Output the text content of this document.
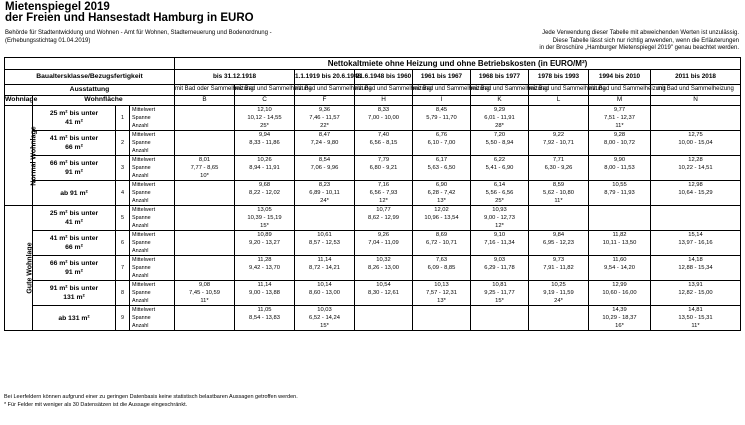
Mietenspiegel 2019
der Freien und Hansestadt Hamburg in EURO
Behörde für Stadtentwicklung und Wohnen - Amt für Wohnen, Stadterneuerung und Bodenordnung -
(Erhebungsstichtag 01.04.2019)
Jede Verwendung dieser Tabelle mit abweichenden Werten ist unzulässig.
Diese Tabelle lässt sich nur richtig anwenden, wenn die Erläuterungen
in der Broschüre „Hamburger Mietenspiegel 2019" genau beachtet werden.
				Nettokaltmiete ohne Heizung und ohne Betriebskosten (in EURO/M²)								
Baualtersklasse/Bezugsfertigkeit				bis 31.12.1918		1.1.1919 bis 20.6.1948	21.6.1948 bis 1960	1961 bis 1967	1968 bis 1977	1978 bis 1993	1994 bis 2010	2011 bis 2018
Ausstattung				mit Bad oder Sammelheizung	mit Bad und Sammelheizung	mit Bad und Sammelheizung	mit Bad und Sammelheizung	mit Bad und Sammelheizung	mit Bad und Sammelheizung	mit Bad und Sammelheizung	mit Bad und Sammelheizung	mit Bad und Sammelheizung

Wohnlage	Wohnfläche			B	C	F	H	I	K	L	M	N
Normal Wohnlage	25 m² bis unter
41 m²	1	Mittelwert		12,10	9,36	8,33	8,45	9,29		9,77	
			Spanne		10,12 - 14,55	7,46 - 11,57	7,00 - 10,00	5,79 - 11,70	6,01 - 11,91		7,51 - 12,37	
			Anzahl		25*	22*			28*		11*	

	41 m² bis unter
66 m²	2	Mittelwert		9,94	8,47	7,40	6,76	7,20	9,22	9,28	12,75
			Spanne		8,33 - 11,86	7,24 - 9,80	6,56 - 8,15	6,10 - 7,00	5,50 - 8,94	7,92 - 10,71	8,00 - 10,72	10,00 - 15,04
			Anzahl									

	66 m² bis unter
91 m²	3	Mittelwert	8,01	10,26	8,54	7,79	6,17	6,22	7,71	9,90	12,28
			Spanne	7,77 - 8,65	8,94 - 11,91	7,06 - 9,96	6,80 - 9,21	5,63 - 6,50	5,41 - 6,90	6,30 - 9,26	8,00 - 11,53	10,22 - 14,51
			Anzahl	10*								

	ab 91 m²	4	Mittelwert		9,68	8,23	7,16	6,90	6,14	8,59	10,55	12,98
			Spanne		8,22 - 12,02	6,89 - 10,11	6,56 - 7,93	6,28 - 7,42	5,56 - 6,56	5,62 - 10,80	8,79 - 11,93	10,64 - 15,29
			Anzahl			24*	12*	13*	25*	11*		
Gute Wohnlage	25 m² bis unter
41 m²	5	Mittelwert		13,05		10,77	12,02	10,93			
			Spanne		10,39 - 15,19		8,62 - 12,99	10,96 - 13,54	9,00 - 12,73			
			Anzahl		15*				12*			

	41 m² bis unter
66 m²	6	Mittelwert		10,89	10,61	9,26	8,69	9,10	9,84	11,82	15,14
			Spanne		9,20 - 13,27	8,57 - 12,53	7,04 - 11,09	6,72 - 10,71	7,16 - 11,34	6,95 - 12,23	10,11 - 13,50	13,97 - 16,16
			Anzahl									

	66 m² bis unter
91 m²	7	Mittelwert		11,28	11,14	10,32	7,63	9,03	9,73	11,60	14,18
			Spanne		9,42 - 13,70	8,72 - 14,21	8,26 - 13,00	6,09 - 8,85	6,29 - 11,78	7,91 - 11,82	9,54 - 14,20	12,88 - 15,34
			Anzahl									

	91 m² bis unter
131 m²	8	Mittelwert	9,08	11,14	10,14	10,54	10,13	10,81	10,25	12,99	13,91
			Spanne	7,45 - 10,59	9,00 - 13,88	8,60 - 13,00	8,30 - 12,61	7,57 - 12,31	9,25 - 11,77	9,19 - 11,59	10,60 - 16,00	12,82 - 15,00
			Anzahl	11*				13*	15*	24*		

	ab 131 m²	9	Mittelwert		11,05	10,03					14,39	14,81
			Spanne		8,54 - 13,83	6,52 - 14,24					10,29 - 18,37	13,50 - 15,31
			Anzahl			15*					16*	11*
Bei Leerfeldern können aufgrund einer zu geringen Datenbasis keine statistisch belastbaren Aussagen getroffen werden.
* Für Felder mit weniger als 30 Datensätzen ist die Aussage eingeschränkt.
